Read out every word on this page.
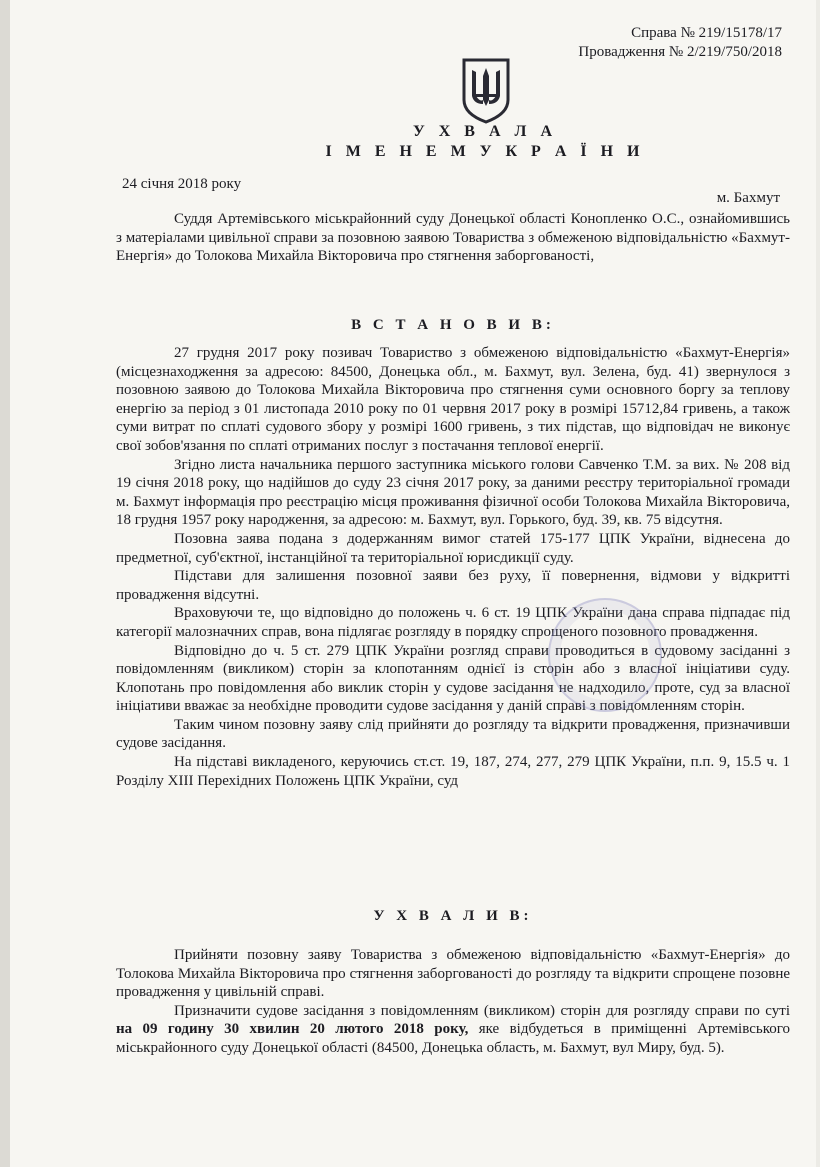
Справа № 219/15178/17
Провадження № 2/219/750/2018
У Х В А Л А
І М Е Н Е М У К Р А Ї Н И
24 січня 2018 року
м. Бахмут

Суддя Артемівського міськрайонний суду Донецької області Конопленко О.С., ознайомившись з матеріалами цивільної справи за позовною заявою Товариства з обмеженою відповідальністю «Бахмут-Енергія» до Толокова Михайла Вікторовича про стягнення заборгованості,

В С Т А Н О В И В:

27 грудня 2017 року позивач Товариство з обмеженою відповідальністю «Бахмут-Енергія» (місцезнаходження за адресою: 84500, Донецька обл., м. Бахмут, вул. Зелена, буд. 41) звернулося з позовною заявою до Толокова Михайла Вікторовича про стягнення суми основного боргу за теплову енергію за період з 01 листопада 2010 року по 01 червня 2017 року в розмірі 15712,84 гривень, а також суми витрат по сплаті судового збору у розмірі 1600 гривень, з тих підстав, що відповідач не виконує свої зобов'язання по сплаті отриманих послуг з постачання теплової енергії.

Згідно листа начальника першого заступника міського голови Савченко Т.М. за вих. № 208 від 19 січня 2018 року, що надійшов до суду 23 січня 2017 року, за даними реєстру територіальної громади м. Бахмут інформація про реєстрацію місця проживання фізичної особи Толокова Михайла Вікторовича, 18 грудня 1957 року народження, за адресою: м. Бахмут, вул. Горького, буд. 39, кв. 75 відсутня.

Позовна заява подана з додержанням вимог статей 175-177 ЦПК України, віднесена до предметної, суб'єктної, інстанційної та територіальної юрисдикції суду.

Підстави для залишення позовної заяви без руху, її повернення, відмови у відкритті провадження відсутні.

Враховуючи те, що відповідно до положень ч. 6 ст. 19 ЦПК України дана справа підпадає під категорії малозначних справ, вона підлягає розгляду в порядку спрощеного позовного провадження.

Відповідно до ч. 5 ст. 279 ЦПК України розгляд справи проводиться в судовому засіданні з повідомленням (викликом) сторін за клопотанням однієї із сторін або з власної ініціативи суду. Клопотань про повідомлення або виклик сторін у судове засідання не надходило, проте, суд за власної ініціативи вважає за необхідне проводити судове засідання у даній справі з повідомленням сторін.

Таким чином позовну заяву слід прийняти до розгляду та відкрити провадження, призначивши судове засідання.

На підставі викладеного, керуючись ст.ст. 19, 187, 274, 277, 279 ЦПК України, п.п. 9, 15.5 ч. 1 Розділу XIII Перехідних Положень ЦПК України, суд

У Х В А Л И В:

Прийняти позовну заяву Товариства з обмеженою відповідальністю «Бахмут-Енергія» до Толокова Михайла Вікторовича про стягнення заборгованості до розгляду та відкрити спрощене позовне провадження у цивільній справі.

Призначити судове засідання з повідомленням (викликом) сторін для розгляду справи по суті на 09 годину 30 хвилин 20 лютого 2018 року, яке відбудеться в приміщенні Артемівського міськрайонного суду Донецької області (84500, Донецька область, м. Бахмут, вул Миру, буд. 5).
